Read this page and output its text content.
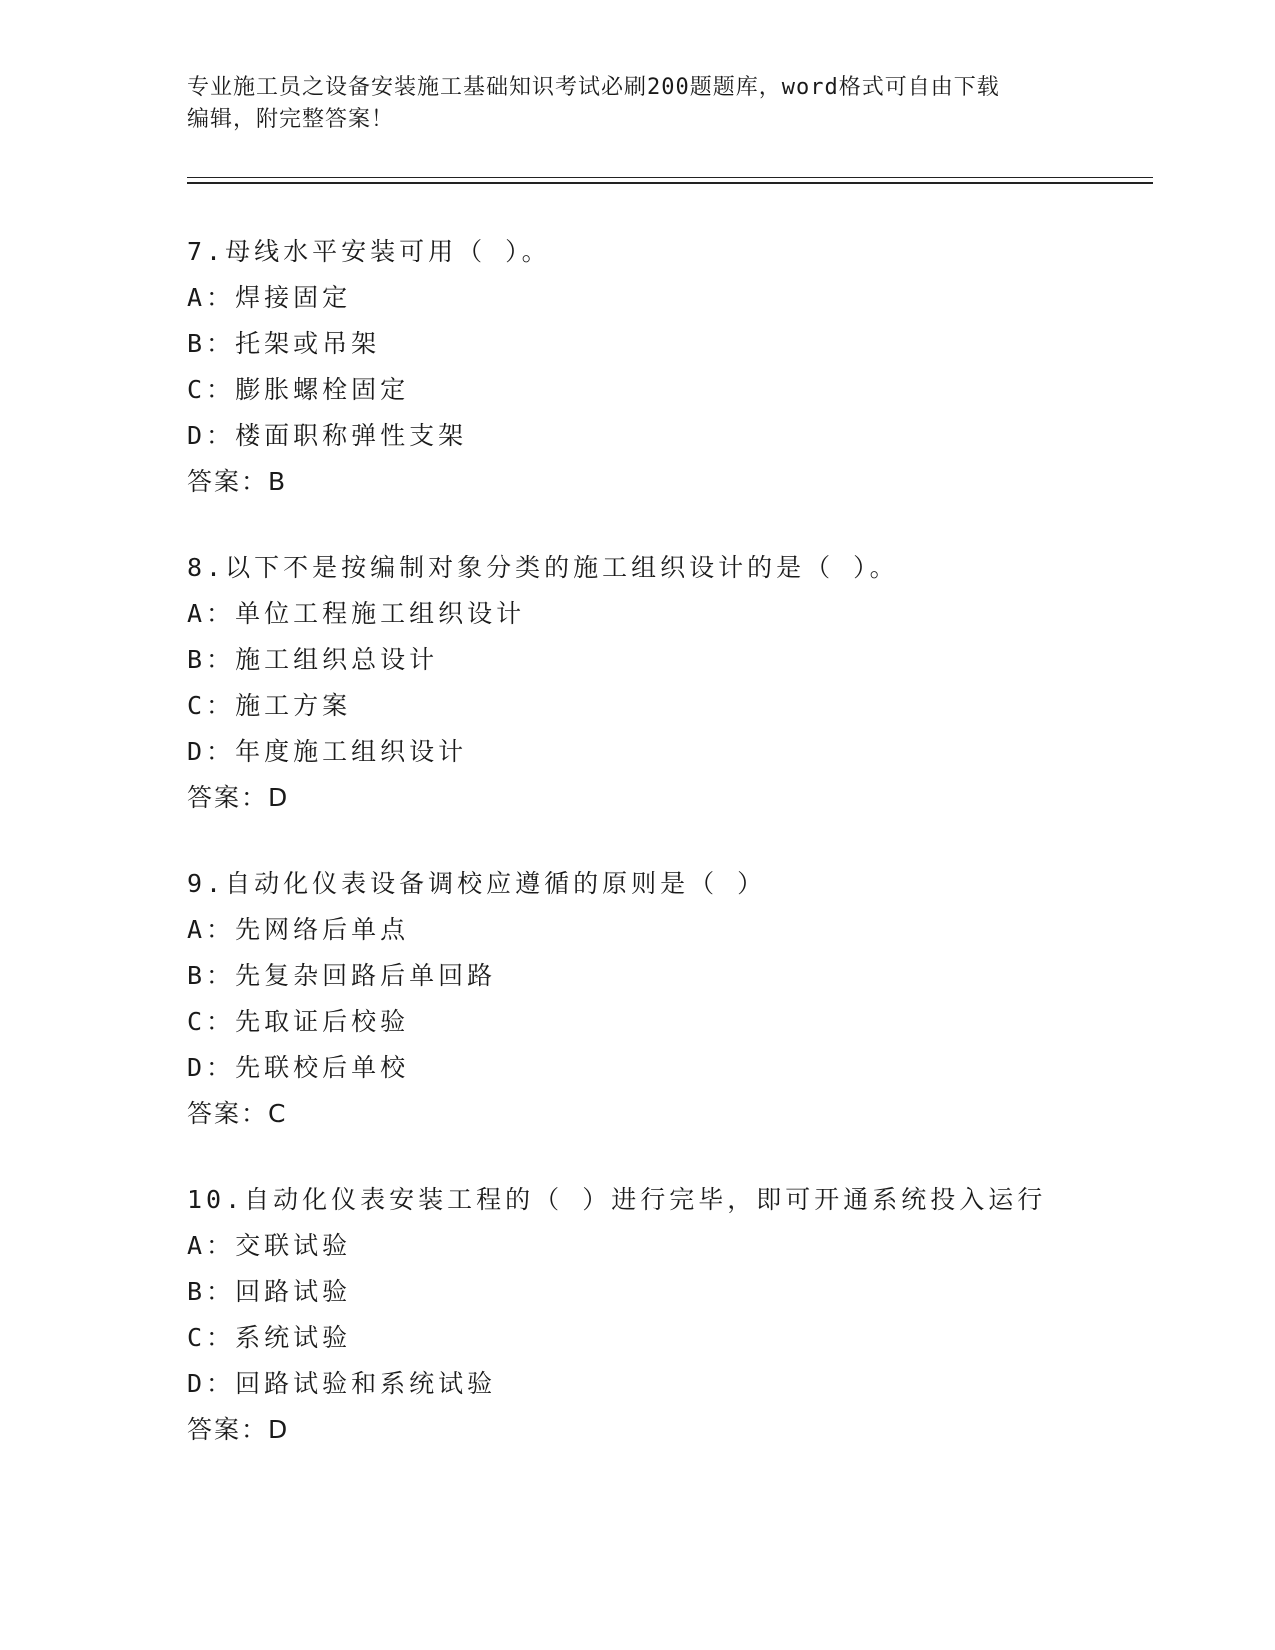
专业施工员之设备安装施工基础知识考试必刷200题题库，word格式可自由下载
编辑，附完整答案！
7.母线水平安装可用（ ）。
A：焊接固定
B：托架或吊架
C：膨胀螺栓固定
D：楼面职称弹性支架
答案：B
8.以下不是按编制对象分类的施工组织设计的是（ ）。
A：单位工程施工组织设计
B：施工组织总设计
C：施工方案
D：年度施工组织设计
答案：D
9.自动化仪表设备调校应遵循的原则是（ ）
A：先网络后单点
B：先复杂回路后单回路
C：先取证后校验
D：先联校后单校
答案：C
10.自动化仪表安装工程的（ ）进行完毕，即可开通系统投入运行
A：交联试验
B：回路试验
C：系统试验
D：回路试验和系统试验
答案：D
